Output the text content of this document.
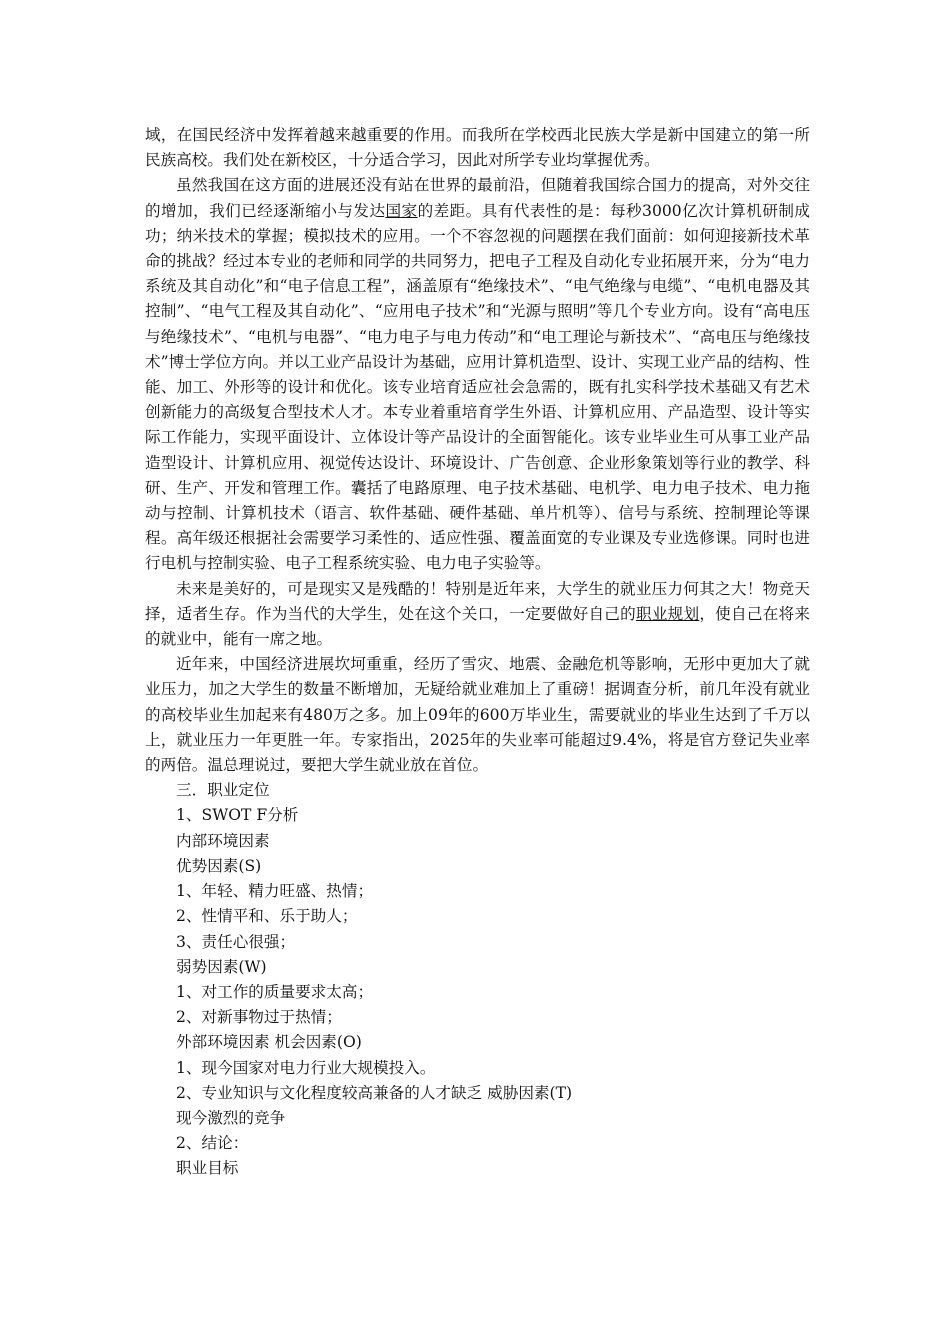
域，在国民经济中发挥着越来越重要的作用。而我所在学校西北民族大学是新中国建立的第一所民族高校。我们处在新校区，十分适合学习，因此对所学专业均掌握优秀。

虽然我国在这方面的进展还没有站在世界的最前沿，但随着我国综合国力的提高，对外交往的增加，我们已经逐渐缩小与发达国家的差距。具有代表性的是：每秒3000亿次计算机研制成功；纳米技术的掌握；模拟技术的应用。一个不容忽视的问题摆在我们面前：如何迎接新技术革命的挑战？经过本专业的老师和同学的共同努力，把电子工程及自动化专业拓展开来，分为“电力系统及其自动化”和“电子信息工程”，涵盖原有“绝缘技术”、“电气绝缘与电缆”、“电机电器及其控制”、“电气工程及其自动化”、“应用电子技术”和“光源与照明”等几个专业方向。设有“高电压与绝缘技术”、“电机与电器”、“电力电子与电力传动”和“电工理论与新技术”、“高电压与绝缘技术”博士学位方向。并以工业产品设计为基础，应用计算机造型、设计、实现工业产品的结构、性能、加工、外形等的设计和优化。该专业培育适应社会急需的，既有扎实科学技术基础又有艺术创新能力的高级复合型技术人才。本专业着重培育学生外语、计算机应用、产品造型、设计等实际工作能力，实现平面设计、立体设计等产品设计的全面智能化。该专业毕业生可从事工业产品造型设计、计算机应用、视觉传达设计、环境设计、广告创意、企业形象策划等行业的教学、科研、生产、开发和管理工作。囊括了电路原理、电子技术基础、电机学、电力电子技术、电力拖动与控制、计算机技术（语言、软件基础、硬件基础、单片机等）、信号与系统、控制理论等课程。高年级还根据社会需要学习柔性的、适应性强、覆盖面宽的专业课及专业选修课。同时也进行电机与控制实验、电子工程系统实验、电力电子实验等。

未来是美好的，可是现实又是残酷的！特别是近年来，大学生的就业压力何其之大！物竞天择，适者生存。作为当代的大学生，处在这个关口，一定要做好自己的职业规划，使自己在将来的就业中，能有一席之地。

近年来，中国经济进展坎坷重重，经历了雪灾、地震、金融危机等影响，无形中更加大了就业压力，加之大学生的数量不断增加，无疑给就业难加上了重磅！据调查分析，前几年没有就业的高校毕业生加起来有480万之多。加上09年的600万毕业生，需要就业的毕业生达到了千万以上，就业压力一年更胜一年。专家指出，2025年的失业率可能超过9.4%，将是官方登记失业率的两倍。温总理说过，要把大学生就业放在首位。

三．职业定位

1、SWOT F分析

内部环境因素

优势因素(S)

1、年轻、精力旺盛、热情；

2、性情平和、乐于助人；

3、责任心很强；

弱势因素(W)

1、对工作的质量要求太高；

2、对新事物过于热情；

外部环境因素 机会因素(O)

1、现今国家对电力行业大规模投入。

2、专业知识与文化程度较高兼备的人才缺乏 威胁因素(T)

现今激烈的竞争

2、结论：

职业目标
